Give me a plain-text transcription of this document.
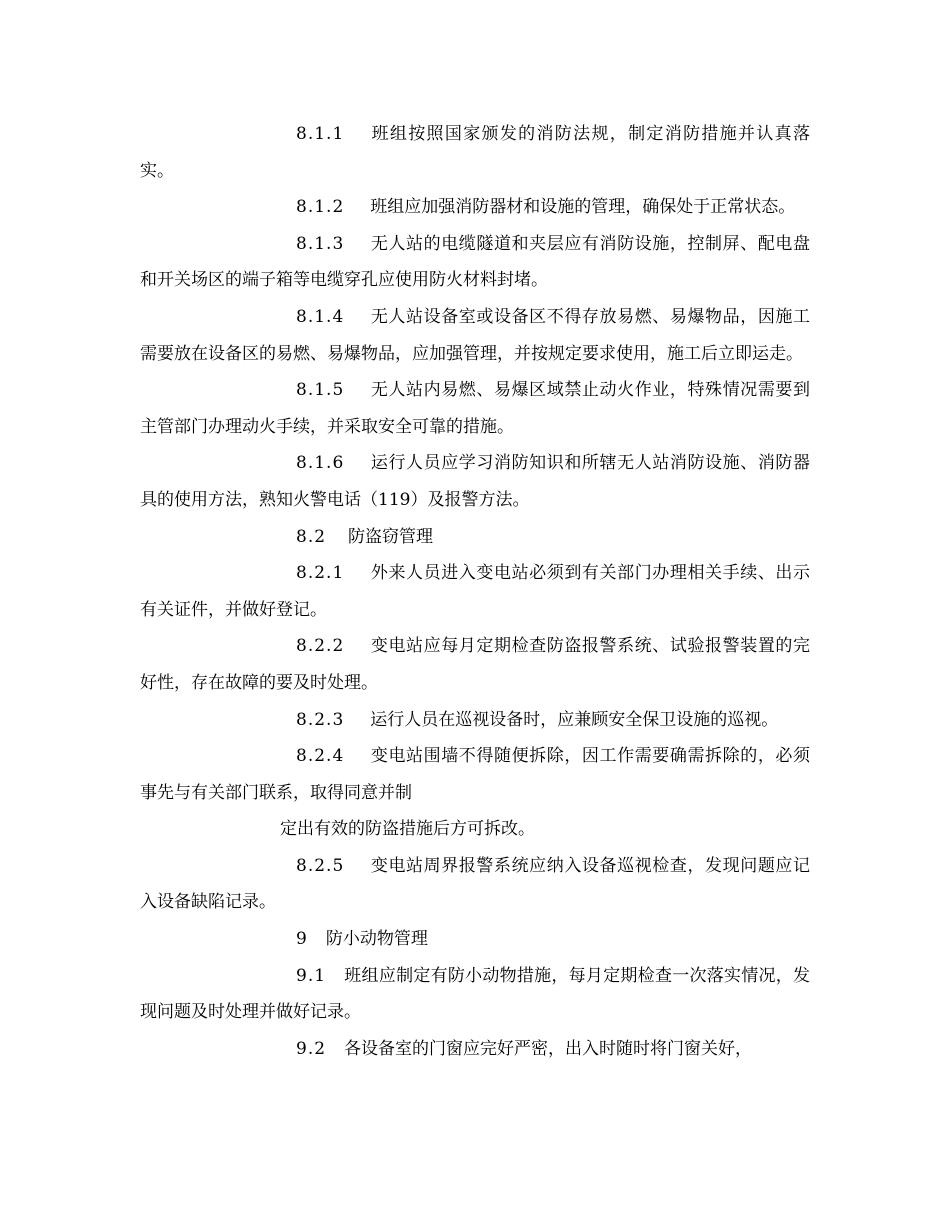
8.1.1 班组按照国家颁发的消防法规，制定消防措施并认真落实。

8.1.2 班组应加强消防器材和设施的管理，确保处于正常状态。

8.1.3 无人站的电缆隧道和夹层应有消防设施，控制屏、配电盘和开关场区的端子箱等电缆穿孔应使用防火材料封堵。

8.1.4 无人站设备室或设备区不得存放易燃、易爆物品，因施工需要放在设备区的易燃、易爆物品，应加强管理，并按规定要求使用，施工后立即运走。

8.1.5 无人站内易燃、易爆区域禁止动火作业，特殊情况需要到主管部门办理动火手续，并采取安全可靠的措施。

8.1.6 运行人员应学习消防知识和所辖无人站消防设施、消防器具的使用方法，熟知火警电话（119）及报警方法。

8.2 防盗窃管理

8.2.1 外来人员进入变电站必须到有关部门办理相关手续、出示有关证件，并做好登记。

8.2.2 变电站应每月定期检查防盗报警系统、试验报警装置的完好性，存在故障的要及时处理。

8.2.3 运行人员在巡视设备时，应兼顾安全保卫设施的巡视。

8.2.4 变电站围墙不得随便拆除，因工作需要确需拆除的，必须事先与有关部门联系，取得同意并制

定出有效的防盗措施后方可拆改。

8.2.5 变电站周界报警系统应纳入设备巡视检查，发现问题应记入设备缺陷记录。

9 防小动物管理

9.1 班组应制定有防小动物措施，每月定期检查一次落实情况，发现问题及时处理并做好记录。

9.2 各设备室的门窗应完好严密，出入时随时将门窗关好，
